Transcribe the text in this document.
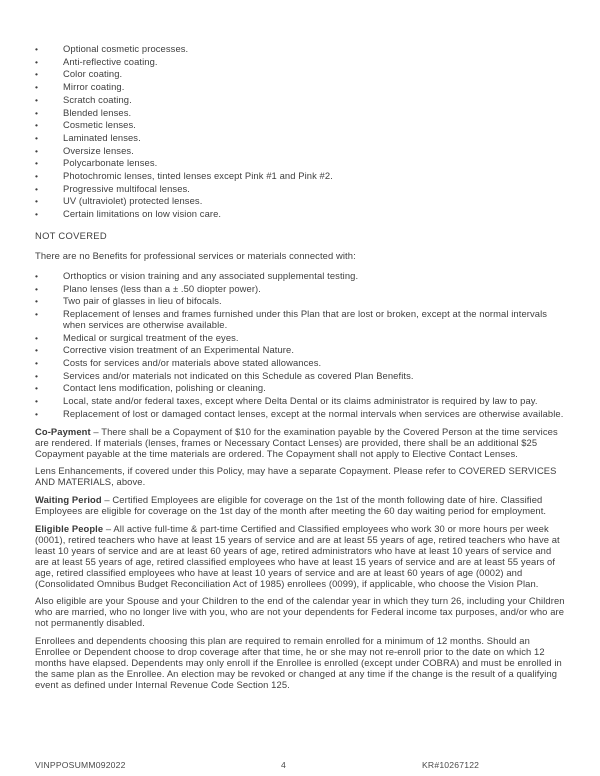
•	Optional cosmetic processes.
•	Anti-reflective coating.
•	Color coating.
•	Mirror coating.
•	Scratch coating.
•	Blended lenses.
•	Cosmetic lenses.
•	Laminated lenses.
•	Oversize lenses.
•	Polycarbonate lenses.
•	Photochromic lenses, tinted lenses except Pink #1 and Pink #2.
•	Progressive multifocal lenses.
•	UV (ultraviolet) protected lenses.
•	Certain limitations on low vision care.
NOT COVERED

There are no Benefits for professional services or materials connected with:

•	Orthoptics or vision training and any associated supplemental testing.
•	Plano lenses (less than a ± .50 diopter power).
•	Two pair of glasses in lieu of bifocals.
•	Replacement of lenses and frames furnished under this Plan that are lost or broken, except at the normal intervals when services are otherwise available.
•	Medical or surgical treatment of the eyes.
•	Corrective vision treatment of an Experimental Nature.
•	Costs for services and/or materials above stated allowances.
•	Services and/or materials not indicated on this Schedule as covered Plan Benefits.
•	Contact lens modification, polishing or cleaning.
•	Local, state and/or federal taxes, except where Delta Dental or its claims administrator is required by law to pay.
•	Replacement of lost or damaged contact lenses, except at the normal intervals when services are otherwise available.

Co-Payment – There shall be a Copayment of $10 for the examination payable by the Covered Person at the time services are rendered. If materials (lenses, frames or Necessary Contact Lenses) are provided, there shall be an additional $25 Copayment payable at the time materials are ordered. The Copayment shall not apply to Elective Contact Lenses.

Lens Enhancements, if covered under this Policy, may have a separate Copayment. Please refer to COVERED SERVICES AND MATERIALS, above.

Waiting Period – Certified Employees are eligible for coverage on the 1st of the month following date of hire. Classified Employees are eligible for coverage on the 1st day of the month after meeting the 60 day waiting period for employment.

Eligible People – All active full-time & part-time Certified and Classified employees who work 30 or more hours per week (0001), retired teachers who have at least 15 years of service and are at least 55 years of age, retired teachers who have at least 10 years of service and are at least 60 years of age, retired administrators who have at least 10 years of service and are at least 55 years of age, retired classified employees who have at least 15 years of service and are at least 55 years of age, retired classified employees who have at least 10 years of service and are at least 60 years of age (0002) and (Consolidated Omnibus Budget Reconciliation Act of 1985) enrollees (0099), if applicable, who choose the Vision Plan.

Also eligible are your Spouse and your Children to the end of the calendar year in which they turn 26, including your Children who are married, who no longer live with you, who are not your dependents for Federal income tax purposes, and/or who are not permanently disabled.

Enrollees and dependents choosing this plan are required to remain enrolled for a minimum of 12 months. Should an Enrollee or Dependent choose to drop coverage after that time, he or she may not re-enroll prior to the date on which 12 months have elapsed. Dependents may only enroll if the Enrollee is enrolled (except under COBRA) and must be enrolled in the same plan as the Enrollee. An election may be revoked or changed at any time if the change is the result of a qualifying event as defined under Internal Revenue Code Section 125.

VINPPOSUMM092022	4	KR#10267122
